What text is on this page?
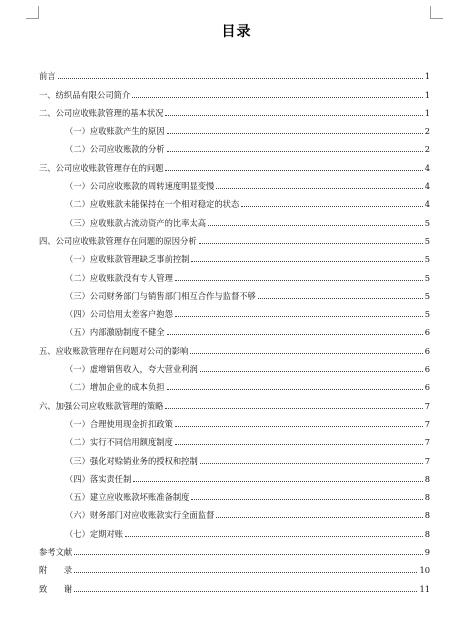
目录
前言	1
一、纺织品有限公司简介	1
二、公司应收账款管理的基本状况	1
（一）应收账款产生的原因	2
（二）公司应收账款的分析	2
三、公司应收账款管理存在的问题	4
（一）公司应收账款的周转速度明显变慢	4
（二）应收账款未能保持在一个相对稳定的状态	4
（三）应收账款占流动资产的比率太高	5
四、公司应收账款管理存在问题的原因分析	5
（一）应收账款管理缺乏事前控制	5
（二）应收账款没有专人管理	5
（三）公司财务部门与销售部门相互合作与监督不够	5
（四）公司信用太差客户抱怨	5
（五）内部激励制度不健全	6
五、应收账款管理存在问题对公司的影响	6
（一）虚增销售收入，夸大营业利润	6
（二）增加企业的成本负担	6
六、加强公司应收账款管理的策略	7
（一）合理使用现金折扣政策	7
（二）实行不同信用额度制度	7
（三）强化对赊销业务的授权和控制	7
（四）落实责任制	8
（五）建立应收账款坏账准备制度	8
（六）财务部门对应收账款实行全面监督	8
（七）定期对账	8
参考文献	9
附　　录	10
致　　谢	11
